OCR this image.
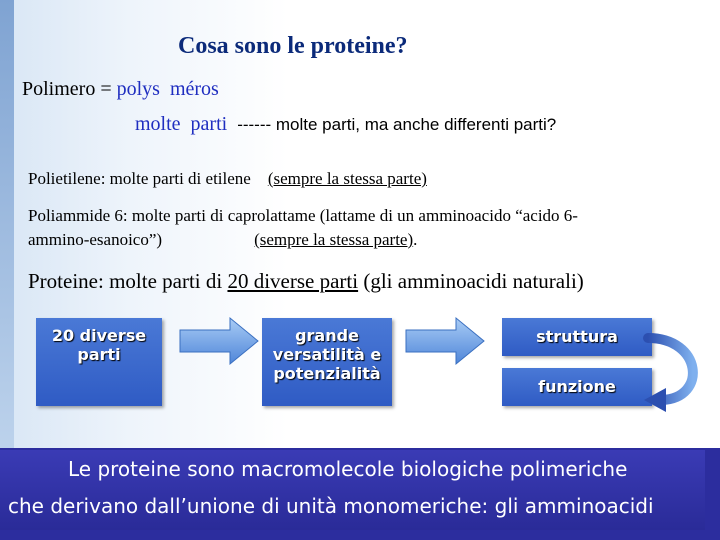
Cosa sono le proteine?
Polimero = polys méros
molte parti ------ molte parti, ma anche differenti parti?
Polietilene: molte parti di etilene (sempre la stessa parte)
Poliammide 6: molte parti di caprolattame (lattame di un amminoacido “acido 6-
ammino-esanoico”)	(sempre la stessa parte).
Proteine: molte parti di 20 diverse parti (gli amminoacidi naturali)
20 diverse
parti
grande
versatilità e
potenzialità
struttura
funzione
Le proteine sono macromolecole biologiche polimeriche
che derivano dall’unione di unità monomeriche: gli amminoacidi
